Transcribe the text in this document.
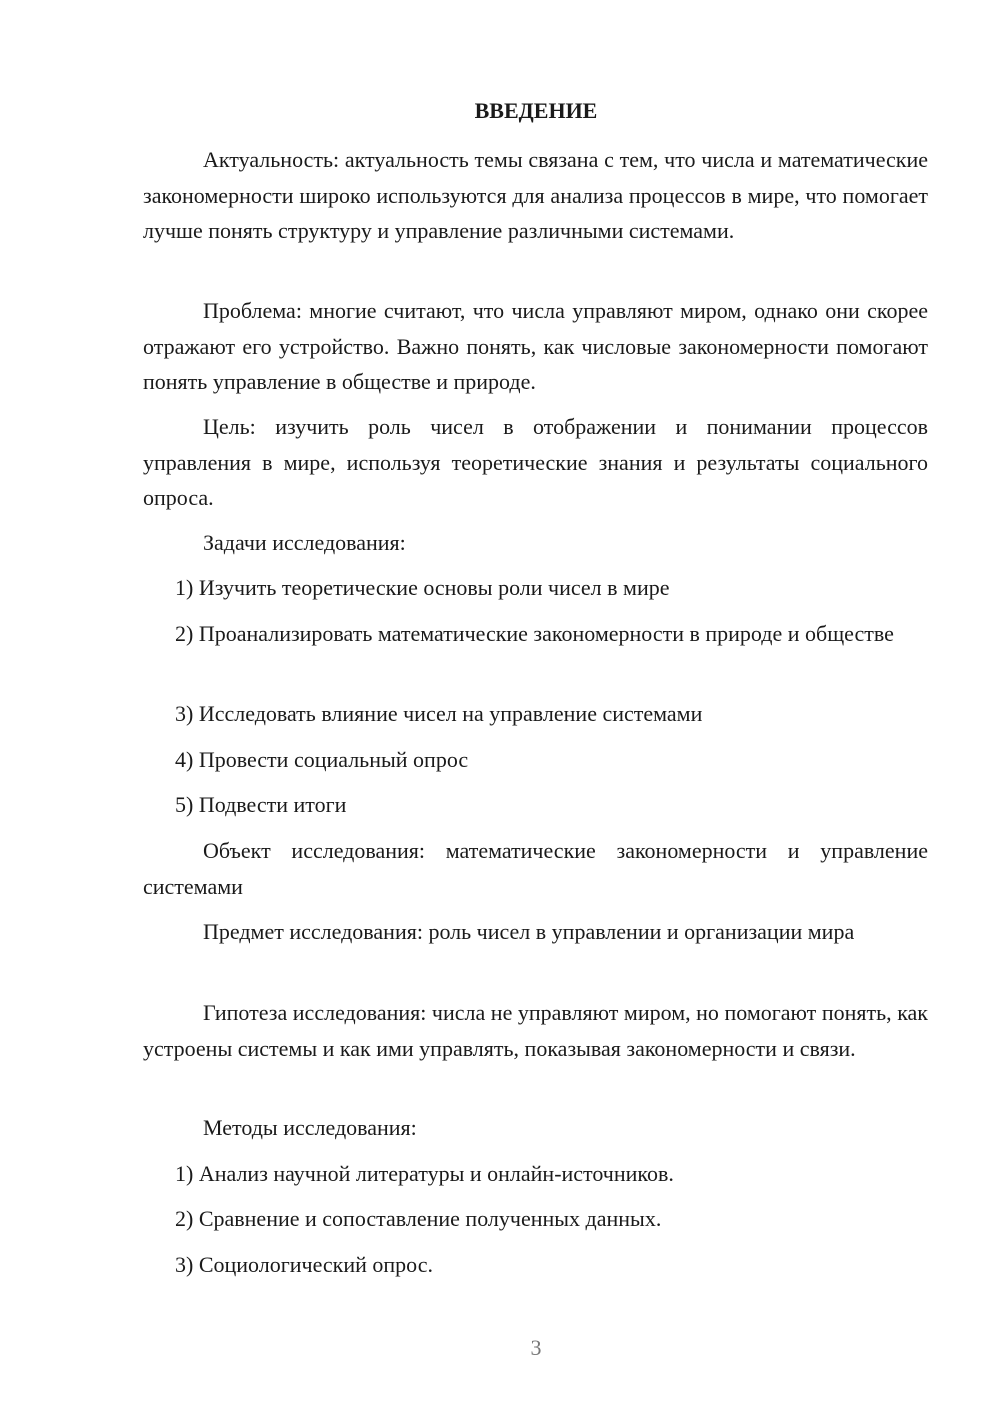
ВВЕДЕНИЕ
Актуальность: актуальность темы связана с тем, что числа и математические закономерности широко используются для анализа процессов в мире, что помогает лучше понять структуру и управление различными системами.
Проблема: многие считают, что числа управляют миром, однако они скорее отражают его устройство. Важно понять, как числовые закономерности помогают понять управление в обществе и природе.
Цель: изучить роль чисел в отображении и понимании процессов управления в мире, используя теоретические знания и результаты социального опроса.
Задачи исследования:
1) Изучить теоретические основы роли чисел в мире
2) Проанализировать математические закономерности в природе и обществе
3) Исследовать влияние чисел на управление системами
4) Провести социальный опрос
5) Подвести итоги
Объект исследования: математические закономерности и управление системами
Предмет исследования: роль чисел в управлении и организации мира
Гипотеза исследования: числа не управляют миром, но помогают понять, как устроены системы и как ими управлять, показывая закономерности и связи.
Методы исследования:
1) Анализ научной литературы и онлайн-источников.
2) Сравнение и сопоставление полученных данных.
3) Социологический опрос.
3
